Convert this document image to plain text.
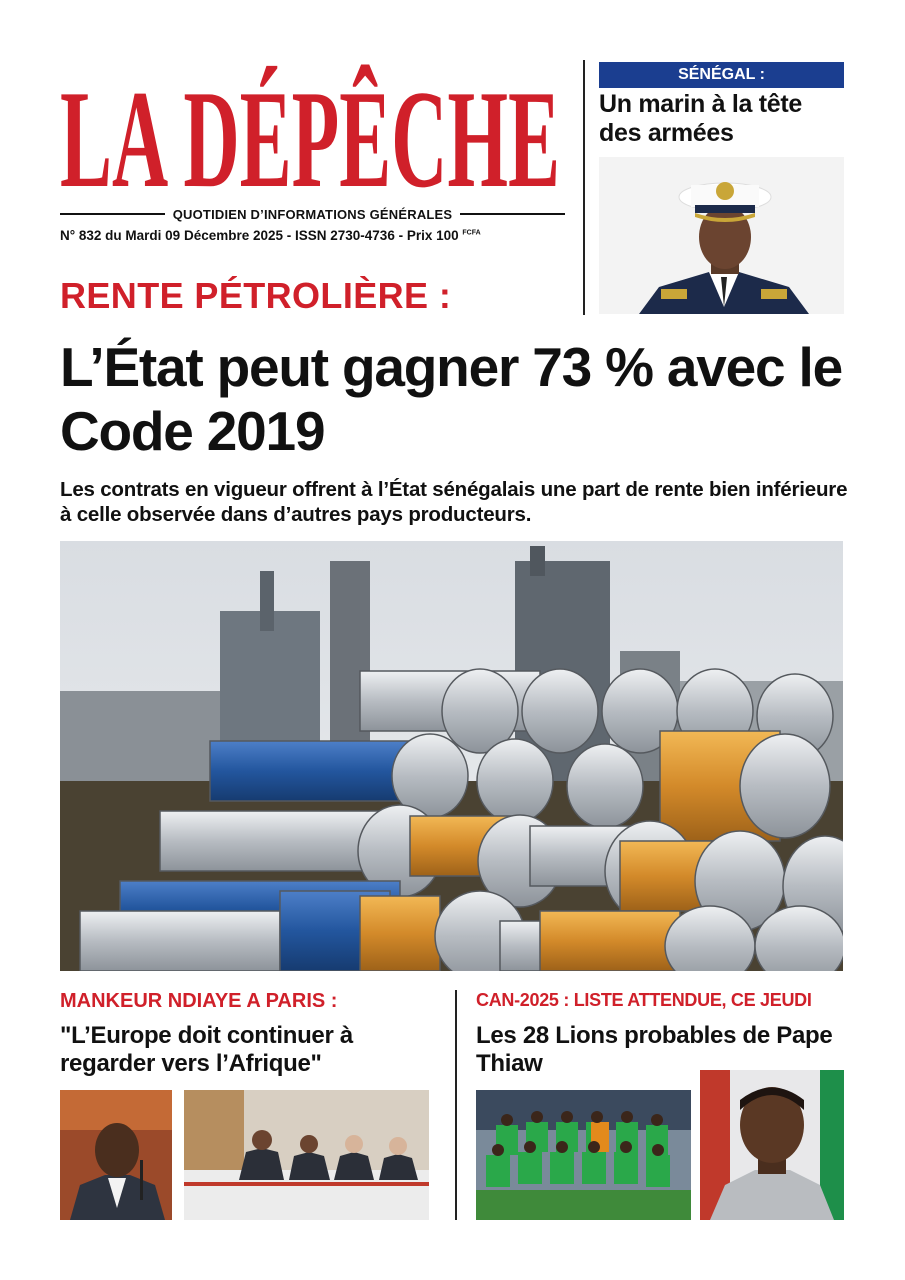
LA DÉPÊCHE
QUOTIDIEN D’INFORMATIONS GÉNÉRALES
N° 832 du Mardi 09 Décembre 2025 - ISSN 2730-4736 - Prix 100 $^{FCFA}$
SÉNÉGAL :
Un marin à la tête des armées
RENTE PÉTROLIÈRE :
L’État peut gagner 73 % avec le Code 2019
Les contrats en vigueur offrent à l’État sénégalais une part de rente bien inférieure à celle observée dans d’autres pays producteurs.
MANKEUR NDIAYE A PARIS :
"L’Europe doit continuer à regarder vers l’Afrique"
CAN-2025 : LISTE ATTENDUE, CE JEUDI
Les 28 Lions probables de Pape Thiaw
